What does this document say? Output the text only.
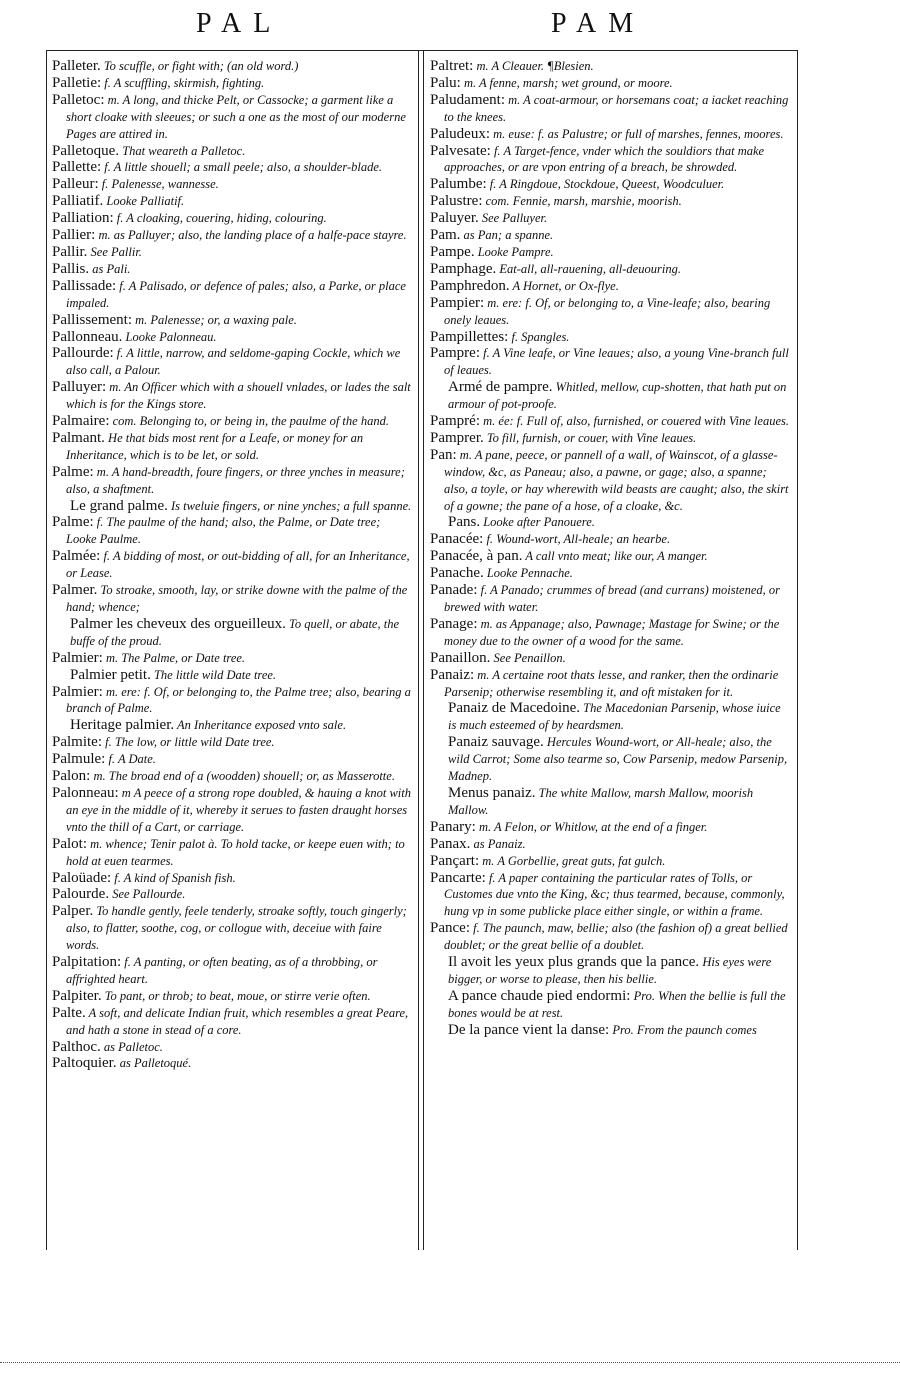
PAL	PAM

Palleter. To scuffle, or fight with; (an old word.)

Palletie: f. A scuffling, skirmish, fighting.

Palletoc: m. A long, and thicke Pelt, or Cassocke; a garment like a short cloake with sleeues; or such a one as the most of our moderne Pages are attired in.

Palletoque. That weareth a Palletoc.

Pallette: f. A little shouell; a small peele; also, a shoulder-blade.

Palleur: f. Palenesse, wannesse.

Palliatif. Looke Palliatif.

Palliation: f. A cloaking, couering, hiding, colouring.

Pallier: m. as Palluyer; also, the landing place of a halfe-pace stayre.

Pallir. See Pallir.

Pallis. as Pali.

Pallissade: f. A Palisado, or defence of pales; also, a Parke, or place impaled.

Pallissement: m. Palenesse; or, a waxing pale.

Pallonneau. Looke Palonneau.

Pallourde: f. A little, narrow, and seldome-gaping Cockle, which we also call, a Palour.

Palluyer: m. An Officer which with a shouell vnlades, or lades the salt which is for the Kings store.

Palmaire: com. Belonging to, or being in, the paulme of the hand.

Palmant. He that bids most rent for a Leafe, or money for an Inheritance, which is to be let, or sold.

Palme: m. A hand-breadth, foure fingers, or three ynches in measure; also, a shaftment.

Le grand palme. Is tweluie fingers, or nine ynches; a full spanne.

Palme: f. The paulme of the hand; also, the Palme, or Date tree; Looke Paulme.

Palmée: f. A bidding of most, or out-bidding of all, for an Inheritance, or Lease.

Palmer. To stroake, smooth, lay, or strike downe with the palme of the hand; whence;

Palmer les cheveux des orgueilleux. To quell, or abate, the buffe of the proud.

Palmier: m. The Palme, or Date tree.

Palmier petit. The little wild Date tree.

Palmier: m. ere: f. Of, or belonging to, the Palme tree; also, bearing a branch of Palme.

Heritage palmier. An Inheritance exposed vnto sale.

Palmite: f. The low, or little wild Date tree.

Palmule: f. A Date.

Palon: m. The broad end of a (woodden) shouell; or, as Masserotte.

Palonneau: m A peece of a strong rope doubled, & hauing a knot with an eye in the middle of it, whereby it serues to fasten draught horses vnto the thill of a Cart, or carriage.

Palot: m. whence; Tenir palot à. To hold tacke, or keepe euen with; to hold at euen tearmes.

Paloüade: f. A kind of Spanish fish.

Palourde. See Pallourde.

Palper. To handle gently, feele tenderly, stroake softly, touch gingerly; also, to flatter, soothe, cog, or collogue with, deceiue with faire words.

Palpitation: f. A panting, or often beating, as of a throbbing, or affrighted heart.

Palpiter. To pant, or throb; to beat, moue, or stirre verie often.

Palte. A soft, and delicate Indian fruit, which resembles a great Peare, and hath a stone in stead of a core.

Palthoc. as Palletoc.

Paltoquier. as Palletoqué.

Paltret: m. A Cleauer. ¶Blesien.

Palu: m. A fenne, marsh; wet ground, or moore.

Paludament: m. A coat-armour, or horsemans coat; a iacket reaching to the knees.

Paludeux: m. euse: f. as Palustre; or full of marshes, fennes, moores.

Palvesate: f. A Target-fence, vnder which the souldiors that make approaches, or are vpon entring of a breach, be shrowded.

Palumbe: f. A Ringdoue, Stockdoue, Queest, Woodculuer.

Palustre: com. Fennie, marsh, marshie, moorish.

Paluyer. See Palluyer.

Pam. as Pan; a spanne.

Pampe. Looke Pampre.

Pamphage. Eat-all, all-rauening, all-deuouring.

Pamphredon. A Hornet, or Ox-flye.

Pampier: m. ere: f. Of, or belonging to, a Vine-leafe; also, bearing onely leaues.

Pampillettes: f. Spangles.

Pampre: f. A Vine leafe, or Vine leaues; also, a young Vine-branch full of leaues.

Armé de pampre. Whitled, mellow, cup-shotten, that hath put on armour of pot-proofe.

Pampré: m. ée: f. Full of, also, furnished, or couered with Vine leaues.

Pamprer. To fill, furnish, or couer, with Vine leaues.

Pan: m. A pane, peece, or pannell of a wall, of Wainscot, of a glasse-window, &c, as Paneau; also, a pawne, or gage; also, a spanne; also, a toyle, or hay wherewith wild beasts are caught; also, the skirt of a gowne; the pane of a hose, of a cloake, &c.

Pans. Looke after Panouere.

Panacée: f. Wound-wort, All-heale; an hearbe.

Panacée, à pan. A call vnto meat; like our, A manger.

Panache. Looke Pennache.

Panade: f. A Panado; crummes of bread (and currans) moistened, or brewed with water.

Panage: m. as Appanage; also, Pawnage; Mastage for Swine; or the money due to the owner of a wood for the same.

Panaillon. See Penaillon.

Panaiz: m. A certaine root thats lesse, and ranker, then the ordinarie Parsenip; otherwise resembling it, and oft mistaken for it.

Panaiz de Macedoine. The Macedonian Parsenip, whose iuice is much esteemed of by heardsmen.

Panaiz sauvage. Hercules Wound-wort, or All-heale; also, the wild Carrot; Some also tearme so, Cow Parsenip, medow Parsenip, Madnep.

Menus panaiz. The white Mallow, marsh Mallow, moorish Mallow.

Panary: m. A Felon, or Whitlow, at the end of a finger.

Panax. as Panaiz.

Pançart: m. A Gorbellie, great guts, fat gulch.

Pancarte: f. A paper containing the particular rates of Tolls, or Customes due vnto the King, &c; thus tearmed, because, commonly, hung vp in some publicke place either single, or within a frame.

Pance: f. The paunch, maw, bellie; also (the fashion of) a great bellied doublet; or the great bellie of a doublet.

Il avoit les yeux plus grands que la pance. His eyes were bigger, or worse to please, then his bellie.

A pance chaude pied endormi: Pro. When the bellie is full the bones would be at rest.

De la pance vient la danse: Pro. From the paunch comes
